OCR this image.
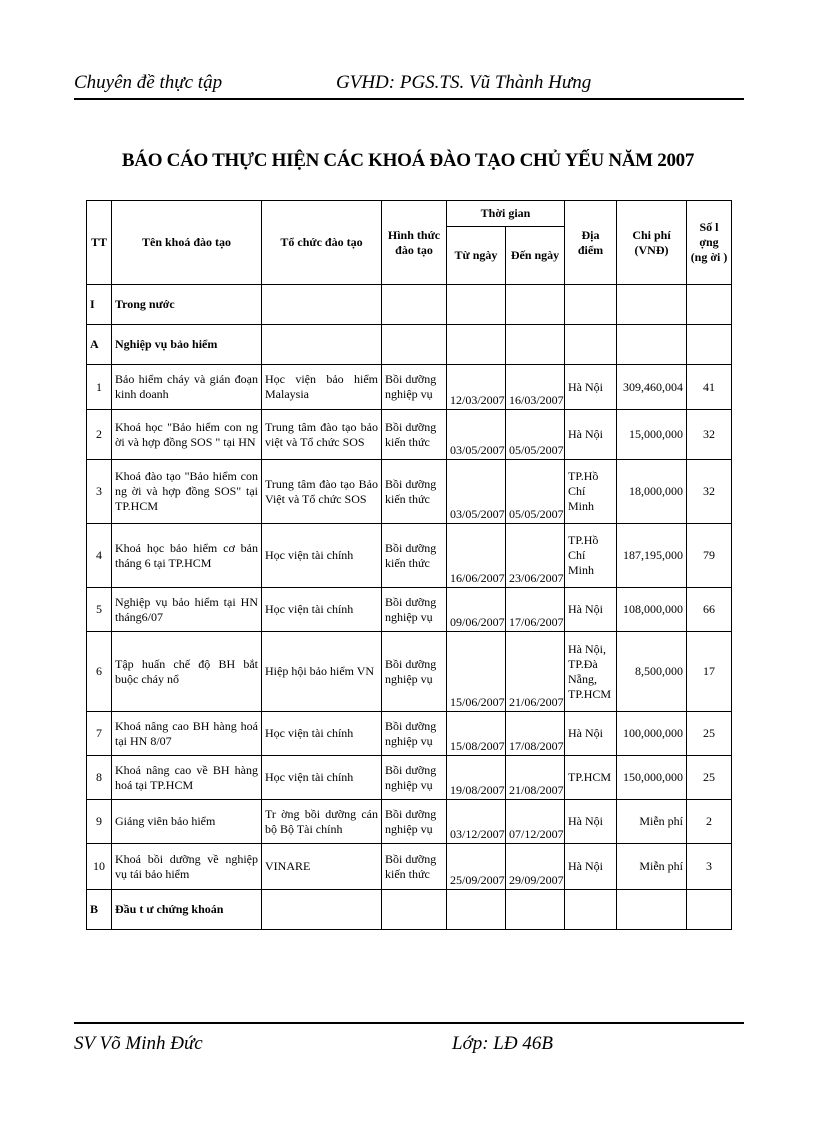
Chuyên đề thực tập	GVHD: PGS.TS. Vũ Thành Hưng
BÁO CÁO THỰC HIỆN CÁC KHOÁ ĐÀO TẠO CHỦ YẾU NĂM 2007
TT	Tên khoá đào tạo	Tổ chức đào tạo	Hình thức đào tạo	Thời gian		Địa điểm	Chi phí (VNĐ)	Số l ợng (ng ời )
				Từ ngày	Đến ngày			
I	Trong nước							
A	Nghiệp vụ bảo hiểm							
1	Bảo hiểm cháy và gián đoạn kinh doanh	Học viện bảo hiểm Malaysia	Bồi dưỡng nghiệp vụ	12/03/2007	16/03/2007	Hà Nội	309,460,004	41
2	Khoá học "Bảo hiểm con ng ời và hợp đồng SOS " tại HN	Trung tâm đào tạo bảo việt và Tổ chức SOS	Bồi dưỡng kiến thức	03/05/2007	05/05/2007	Hà Nội	15,000,000	32
3	Khoá đào tạo "Bảo hiểm con ng ời và hợp đồng SOS" tại TP.HCM	Trung tâm đào tạo Bảo Việt và Tổ chức SOS	Bồi dưỡng kiến thức	03/05/2007	05/05/2007	TP.Hồ Chí Minh	18,000,000	32
4	Khoá học bảo hiểm cơ bản tháng 6 tại TP.HCM	Học viện tài chính	Bồi dưỡng kiến thức	16/06/2007	23/06/2007	TP.Hồ Chí Minh	187,195,000	79
5	Nghiệp vụ bảo hiểm tại HN tháng6/07	Học viện tài chính	Bồi dưỡng nghiệp vụ	09/06/2007	17/06/2007	Hà Nội	108,000,000	66
6	Tập huấn chế độ BH bắt buộc cháy nổ	Hiệp hội bảo hiểm VN	Bồi dưỡng nghiệp vụ	15/06/2007	21/06/2007	Hà Nội, TP.Đà Nẵng, TP.HCM	8,500,000	17
7	Khoá nâng cao BH hàng hoá tại HN 8/07	Học viện tài chính	Bồi dưỡng nghiệp vụ	15/08/2007	17/08/2007	Hà Nội	100,000,000	25
8	Khoá nâng cao về BH hàng hoá tại TP.HCM	Học viện tài chính	Bồi dưỡng nghiệp vụ	19/08/2007	21/08/2007	TP.HCM	150,000,000	25
9	Giảng viên bảo hiểm	Tr ờng bồi dưỡng cán bộ Bộ Tài chính	Bồi dưỡng nghiệp vụ	03/12/2007	07/12/2007	Hà Nội	Miễn phí	2
10	Khoá bồi dưỡng về nghiệp vụ tái bảo hiểm	VINARE	Bồi dưỡng kiến thức	25/09/2007	29/09/2007	Hà Nội	Miễn phí	3
B	Đầu t ư chứng khoán							
SV Võ Minh Đức	Lớp: LĐ 46B
